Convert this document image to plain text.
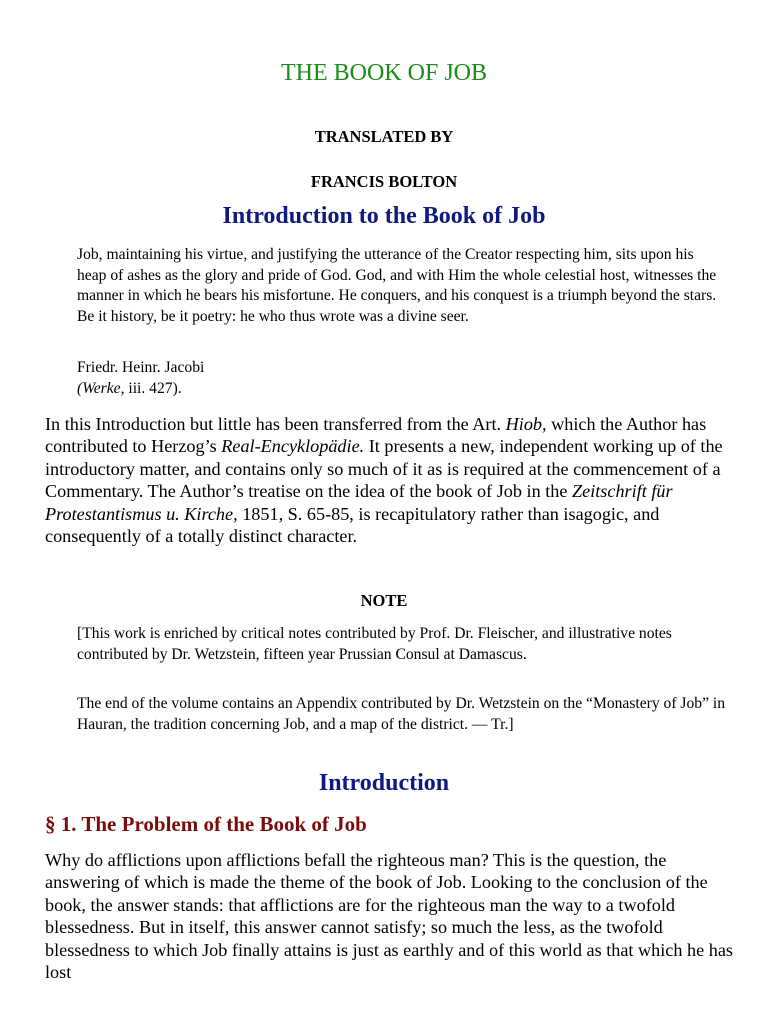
THE BOOK OF JOB

TRANSLATED BY

FRANCIS BOLTON

Introduction to the Book of Job

Job, maintaining his virtue, and justifying the utterance of the Creator respecting him, sits upon his heap of ashes as the glory and pride of God. God, and with Him the whole celestial host, witnesses the manner in which he bears his misfortune. He conquers, and his conquest is a triumph beyond the stars. Be it history, be it poetry: he who thus wrote was a divine seer.

Friedr. Heinr. Jacobi
(Werke, iii. 427).

In this Introduction but little has been transferred from the Art. Hiob, which the Author has contributed to Herzog’s Real-Encyklopädie. It presents a new, independent working up of the introductory matter, and contains only so much of it as is required at the commencement of a Commentary. The Author’s treatise on the idea of the book of Job in the Zeitschrift für Protestantismus u. Kirche, 1851, S. 65-85, is recapitulatory rather than isagogic, and consequently of a totally distinct character.

NOTE

[This work is enriched by critical notes contributed by Prof. Dr. Fleischer, and illustrative notes contributed by Dr. Wetzstein, fifteen year Prussian Consul at Damascus.

The end of the volume contains an Appendix contributed by Dr. Wetzstein on the “Monastery of Job” in Hauran, the tradition concerning Job, and a map of the district. — Tr.]

Introduction
§ 1. The Problem of the Book of Job

Why do afflictions upon afflictions befall the righteous man? This is the question, the answering of which is made the theme of the book of Job. Looking to the conclusion of the book, the answer stands: that afflictions are for the righteous man the way to a twofold blessedness. But in itself, this answer cannot satisfy; so much the less, as the twofold blessedness to which Job finally attains is just as earthly and of this world as that which he has lost
